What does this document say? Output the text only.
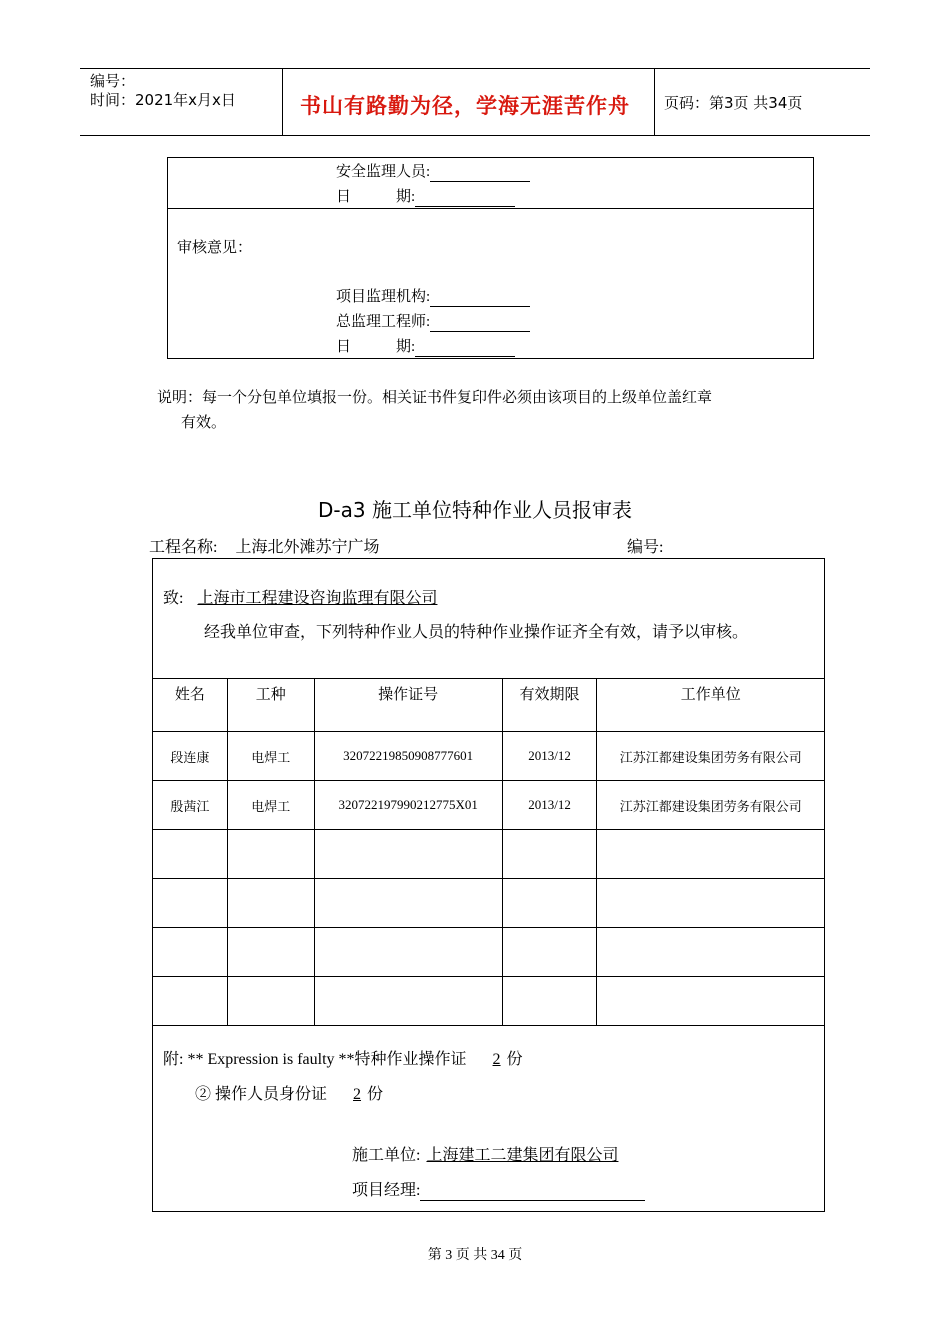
编号：
时间：2021年x月x日	书山有路勤为径，学海无涯苦作舟 页码：第3页 共34页
安全监理人员:
日　　　期:
审核意见：
项目监理机构:
总监理工程师:
日　　　期:
说明：每一个分包单位填报一份。相关证书件复印件必须由该项目的上级单位盖红章
有效。
D-a3 施工单位特种作业人员报审表
工程名称: 上海北外滩苏宁广场	编号:
致: 上海市工程建设咨询监理有限公司
经我单位审查，下列特种作业人员的特种作业操作证齐全有效，请予以审核。
姓名	工种	操作证号	有效期限	工作单位
段连康	电焊工	32072219850908777601	2013/12	江苏江都建设集团劳务有限公司
殷茜江	电焊工	320722197990212775X01	2013/12	江苏江都建设集团劳务有限公司

附: ** Expression is faulty **特种作业操作证 2 份
② 操作人员身份证 2 份
施工单位: 上海建工二建集团有限公司
项目经理:
第 3 页 共 34 页
